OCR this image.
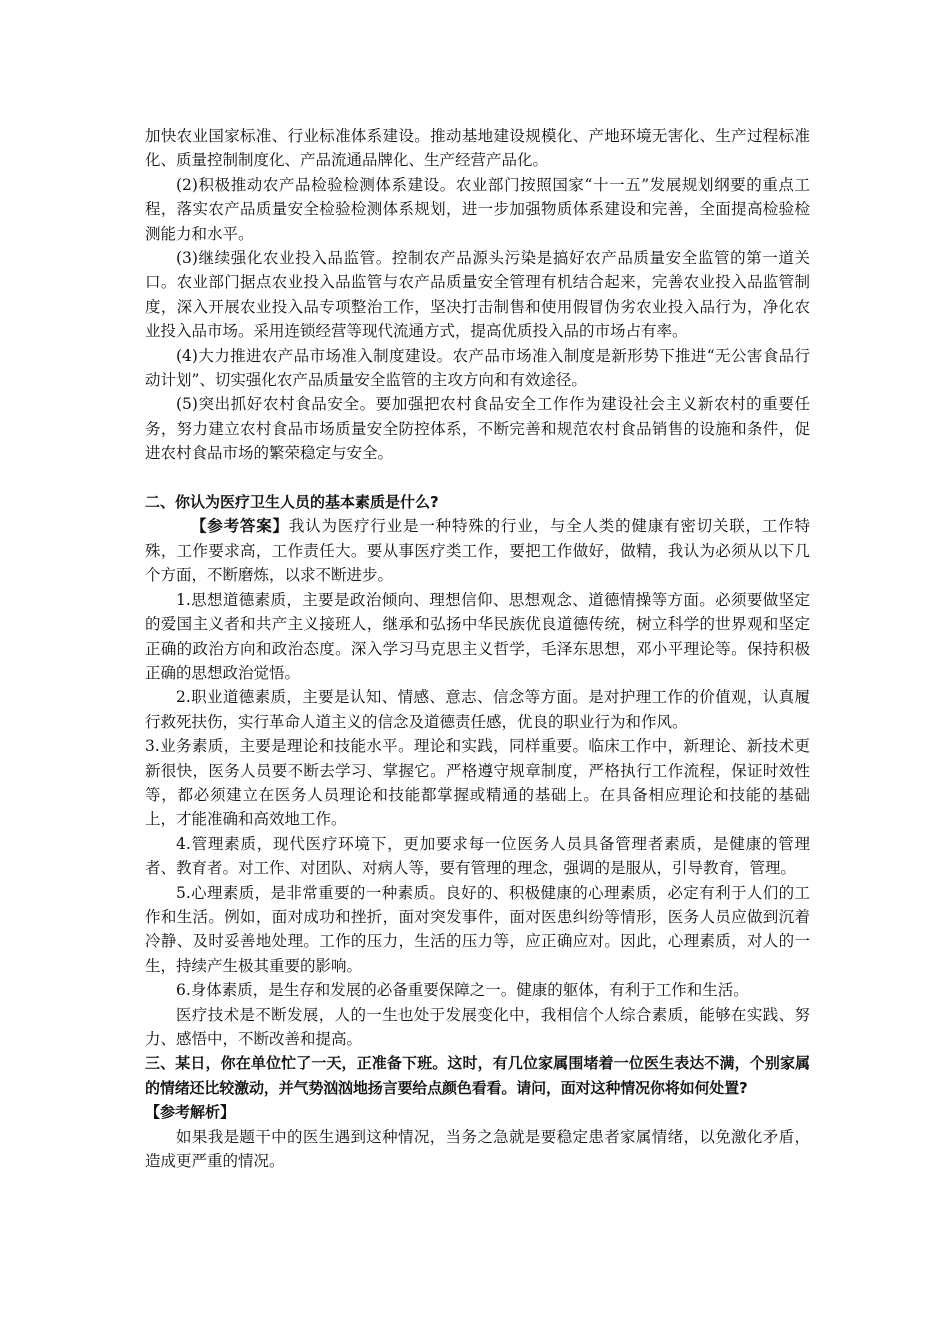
加快农业国家标准、行业标准体系建设。推动基地建设规模化、产地环境无害化、生产过程标准化、质量控制制度化、产品流通品牌化、生产经营产品化。

(2)积极推动农产品检验检测体系建设。农业部门按照国家“十一五”发展规划纲要的重点工程，落实农产品质量安全检验检测体系规划，进一步加强物质体系建设和完善，全面提高检验检测能力和水平。

(3)继续强化农业投入品监管。控制农产品源头污染是搞好农产品质量安全监管的第一道关口。农业部门据点农业投入品监管与农产品质量安全管理有机结合起来，完善农业投入品监管制度，深入开展农业投入品专项整治工作，坚决打击制售和使用假冒伪劣农业投入品行为，净化农业投入品市场。采用连锁经营等现代流通方式，提高优质投入品的市场占有率。

(4)大力推进农产品市场准入制度建设。农产品市场准入制度是新形势下推进“无公害食品行动计划”、切实强化农产品质量安全监管的主攻方向和有效途径。

(5)突出抓好农村食品安全。要加强把农村食品安全工作作为建设社会主义新农村的重要任务，努力建立农村食品市场质量安全防控体系，不断完善和规范农村食品销售的设施和条件，促进农村食品市场的繁荣稳定与安全。

二、你认为医疗卫生人员的基本素质是什么?

【参考答案】我认为医疗行业是一种特殊的行业，与全人类的健康有密切关联，工作特殊，工作要求高，工作责任大。要从事医疗类工作，要把工作做好，做精，我认为必须从以下几个方面，不断磨炼，以求不断进步。

1.思想道德素质，主要是政治倾向、理想信仰、思想观念、道德情操等方面。必须要做坚定的爱国主义者和共产主义接班人，继承和弘扬中华民族优良道德传统，树立科学的世界观和坚定正确的政治方向和政治态度。深入学习马克思主义哲学，毛泽东思想，邓小平理论等。保持积极正确的思想政治觉悟。

2.职业道德素质，主要是认知、情感、意志、信念等方面。是对护理工作的价值观，认真履行救死扶伤，实行革命人道主义的信念及道德责任感，优良的职业行为和作风。

3.业务素质，主要是理论和技能水平。理论和实践，同样重要。临床工作中，新理论、新技术更新很快，医务人员要不断去学习、掌握它。严格遵守规章制度，严格执行工作流程，保证时效性等，都必须建立在医务人员理论和技能都掌握或精通的基础上。在具备相应理论和技能的基础上，才能准确和高效地工作。

4.管理素质，现代医疗环境下，更加要求每一位医务人员具备管理者素质，是健康的管理者、教育者。对工作、对团队、对病人等，要有管理的理念，强调的是服从，引导教育，管理。

5.心理素质，是非常重要的一种素质。良好的、积极健康的心理素质，必定有利于人们的工作和生活。例如，面对成功和挫折，面对突发事件，面对医患纠纷等情形，医务人员应做到沉着冷静、及时妥善地处理。工作的压力，生活的压力等，应正确应对。因此，心理素质，对人的一生，持续产生极其重要的影响。

6.身体素质，是生存和发展的必备重要保障之一。健康的躯体，有利于工作和生活。

医疗技术是不断发展，人的一生也处于发展变化中，我相信个人综合素质，能够在实践、努力、感悟中，不断改善和提高。

三、某日，你在单位忙了一天，正准备下班。这时，有几位家属围堵着一位医生表达不满，个别家属的情绪还比较激动，并气势汹汹地扬言要给点颜色看看。请问，面对这种情况你将如何处置?

【参考解析】

如果我是题干中的医生遇到这种情况，当务之急就是要稳定患者家属情绪，以免激化矛盾，造成更严重的情况。
